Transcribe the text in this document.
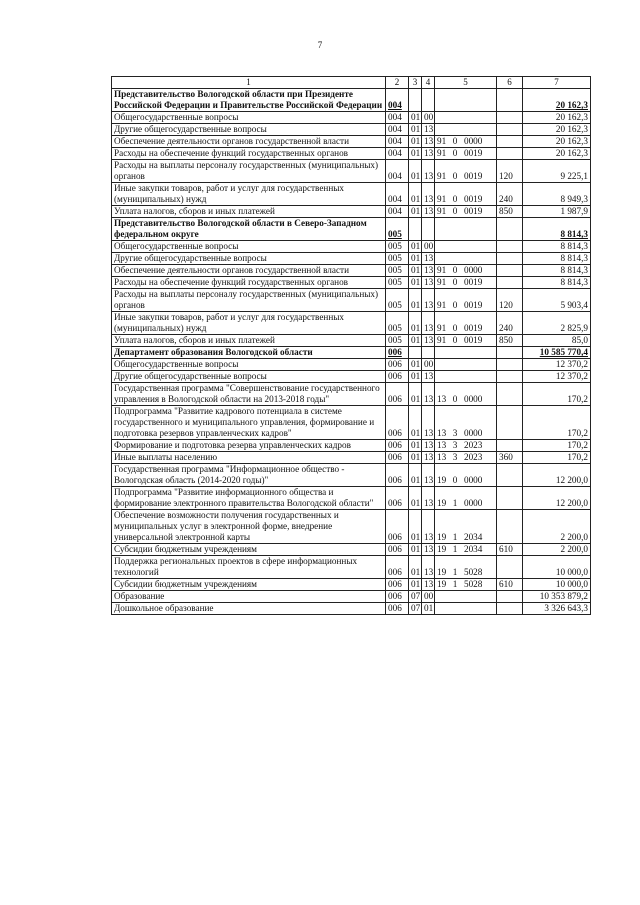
7
1	2	3	4	5	6	7
Представительство Вологодской области при Президенте Российской Федерации и Правительстве Российской Федерации	004					20 162,3
Общегосударственные вопросы	004	01	00			20 162,3
Другие общегосударственные вопросы	004	01	13			20 162,3
Обеспечение деятельности органов государственной власти	004	01	13	91  0  0000		20 162,3
Расходы на обеспечение функций государственных органов	004	01	13	91  0  0019		20 162,3
Расходы на выплаты персоналу государственных (муниципальных) органов	004	01	13	91  0  0019	120	9 225,1
Иные закупки товаров, работ и услуг для государственных (муниципальных) нужд	004	01	13	91  0  0019	240	8 949,3
Уплата налогов, сборов и иных платежей	004	01	13	91  0  0019	850	1 987,9
Представительство Вологодской области в Северо-Западном федеральном округе	005					8 814,3
Общегосударственные вопросы	005	01	00			8 814,3
Другие общегосударственные вопросы	005	01	13			8 814,3
Обеспечение деятельности органов государственной власти	005	01	13	91  0  0000		8 814,3
Расходы на обеспечение функций государственных органов	005	01	13	91  0  0019		8 814,3
Расходы на выплаты персоналу государственных (муниципальных) органов	005	01	13	91  0  0019	120	5 903,4
Иные закупки товаров, работ и услуг для государственных (муниципальных) нужд	005	01	13	91  0  0019	240	2 825,9
Уплата налогов, сборов и иных платежей	005	01	13	91  0  0019	850	85,0
Департамент образования Вологодской области	006					10 585 770,4
Общегосударственные вопросы	006	01	00			12 370,2
Другие общегосударственные вопросы	006	01	13			12 370,2
Государственная программа "Совершенствование государственного управления в Вологодской области на 2013-2018 годы"	006	01	13	13  0  0000		170,2
Подпрограмма "Развитие кадрового потенциала в системе государственного и муниципального управления, формирование и подготовка резервов управленческих кадров"	006	01	13	13  3  0000		170,2
Формирование и подготовка резерва управленческих кадров	006	01	13	13  3  2023		170,2
Иные выплаты населению	006	01	13	13  3  2023	360	170,2
Государственная программа "Информационное общество - Вологодская область (2014-2020 годы)"	006	01	13	19  0  0000		12 200,0
Подпрограмма "Развитие информационного общества и формирование электронного правительства Вологодской области"	006	01	13	19  1  0000		12 200,0
Обеспечение возможности получения государственных и муниципальных услуг в электронной форме, внедрение универсальной электронной карты	006	01	13	19  1  2034		2 200,0
Субсидии бюджетным учреждениям	006	01	13	19  1  2034	610	2 200,0
Поддержка региональных проектов в сфере информационных технологий	006	01	13	19  1  5028		10 000,0
Субсидии бюджетным учреждениям	006	01	13	19  1  5028	610	10 000,0
Образование	006	07	00			10 353 879,2
Дошкольное образование	006	07	01			3 326 643,3
